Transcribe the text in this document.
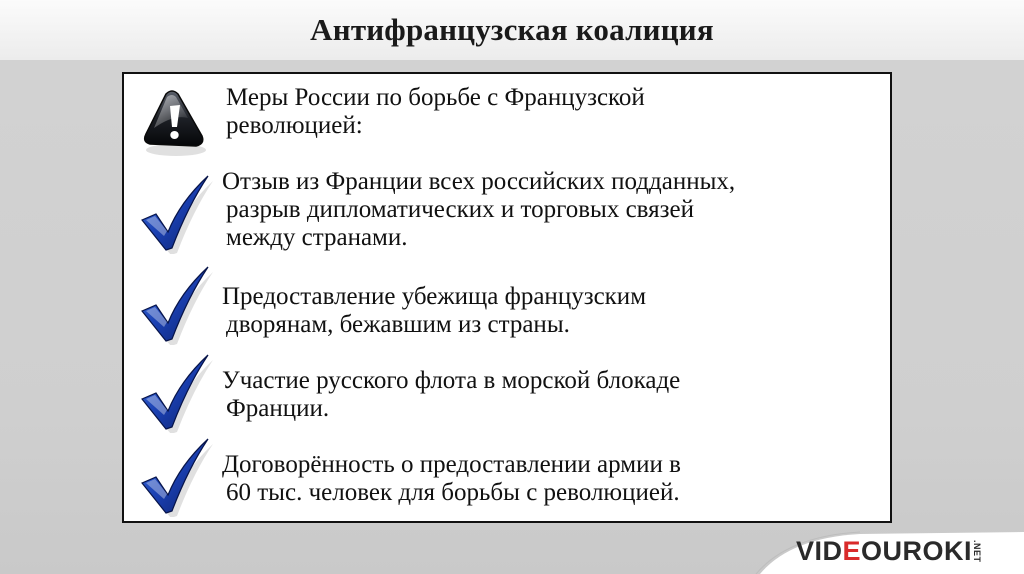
Антифранцузская коалиция
Меры России по борьбе с Французской
революцией:
Отзыв из Франции всех российских подданных,
разрыв дипломатических и торговых связей
между странами.
Предоставление убежища французским
дворянам, бежавшим из страны.
Участие русского флота в морской блокаде
Франции.
Договорённость о предоставлении армии в
60 тыс. человек для борьбы с революцией.
VIDEOUROKI.NET
